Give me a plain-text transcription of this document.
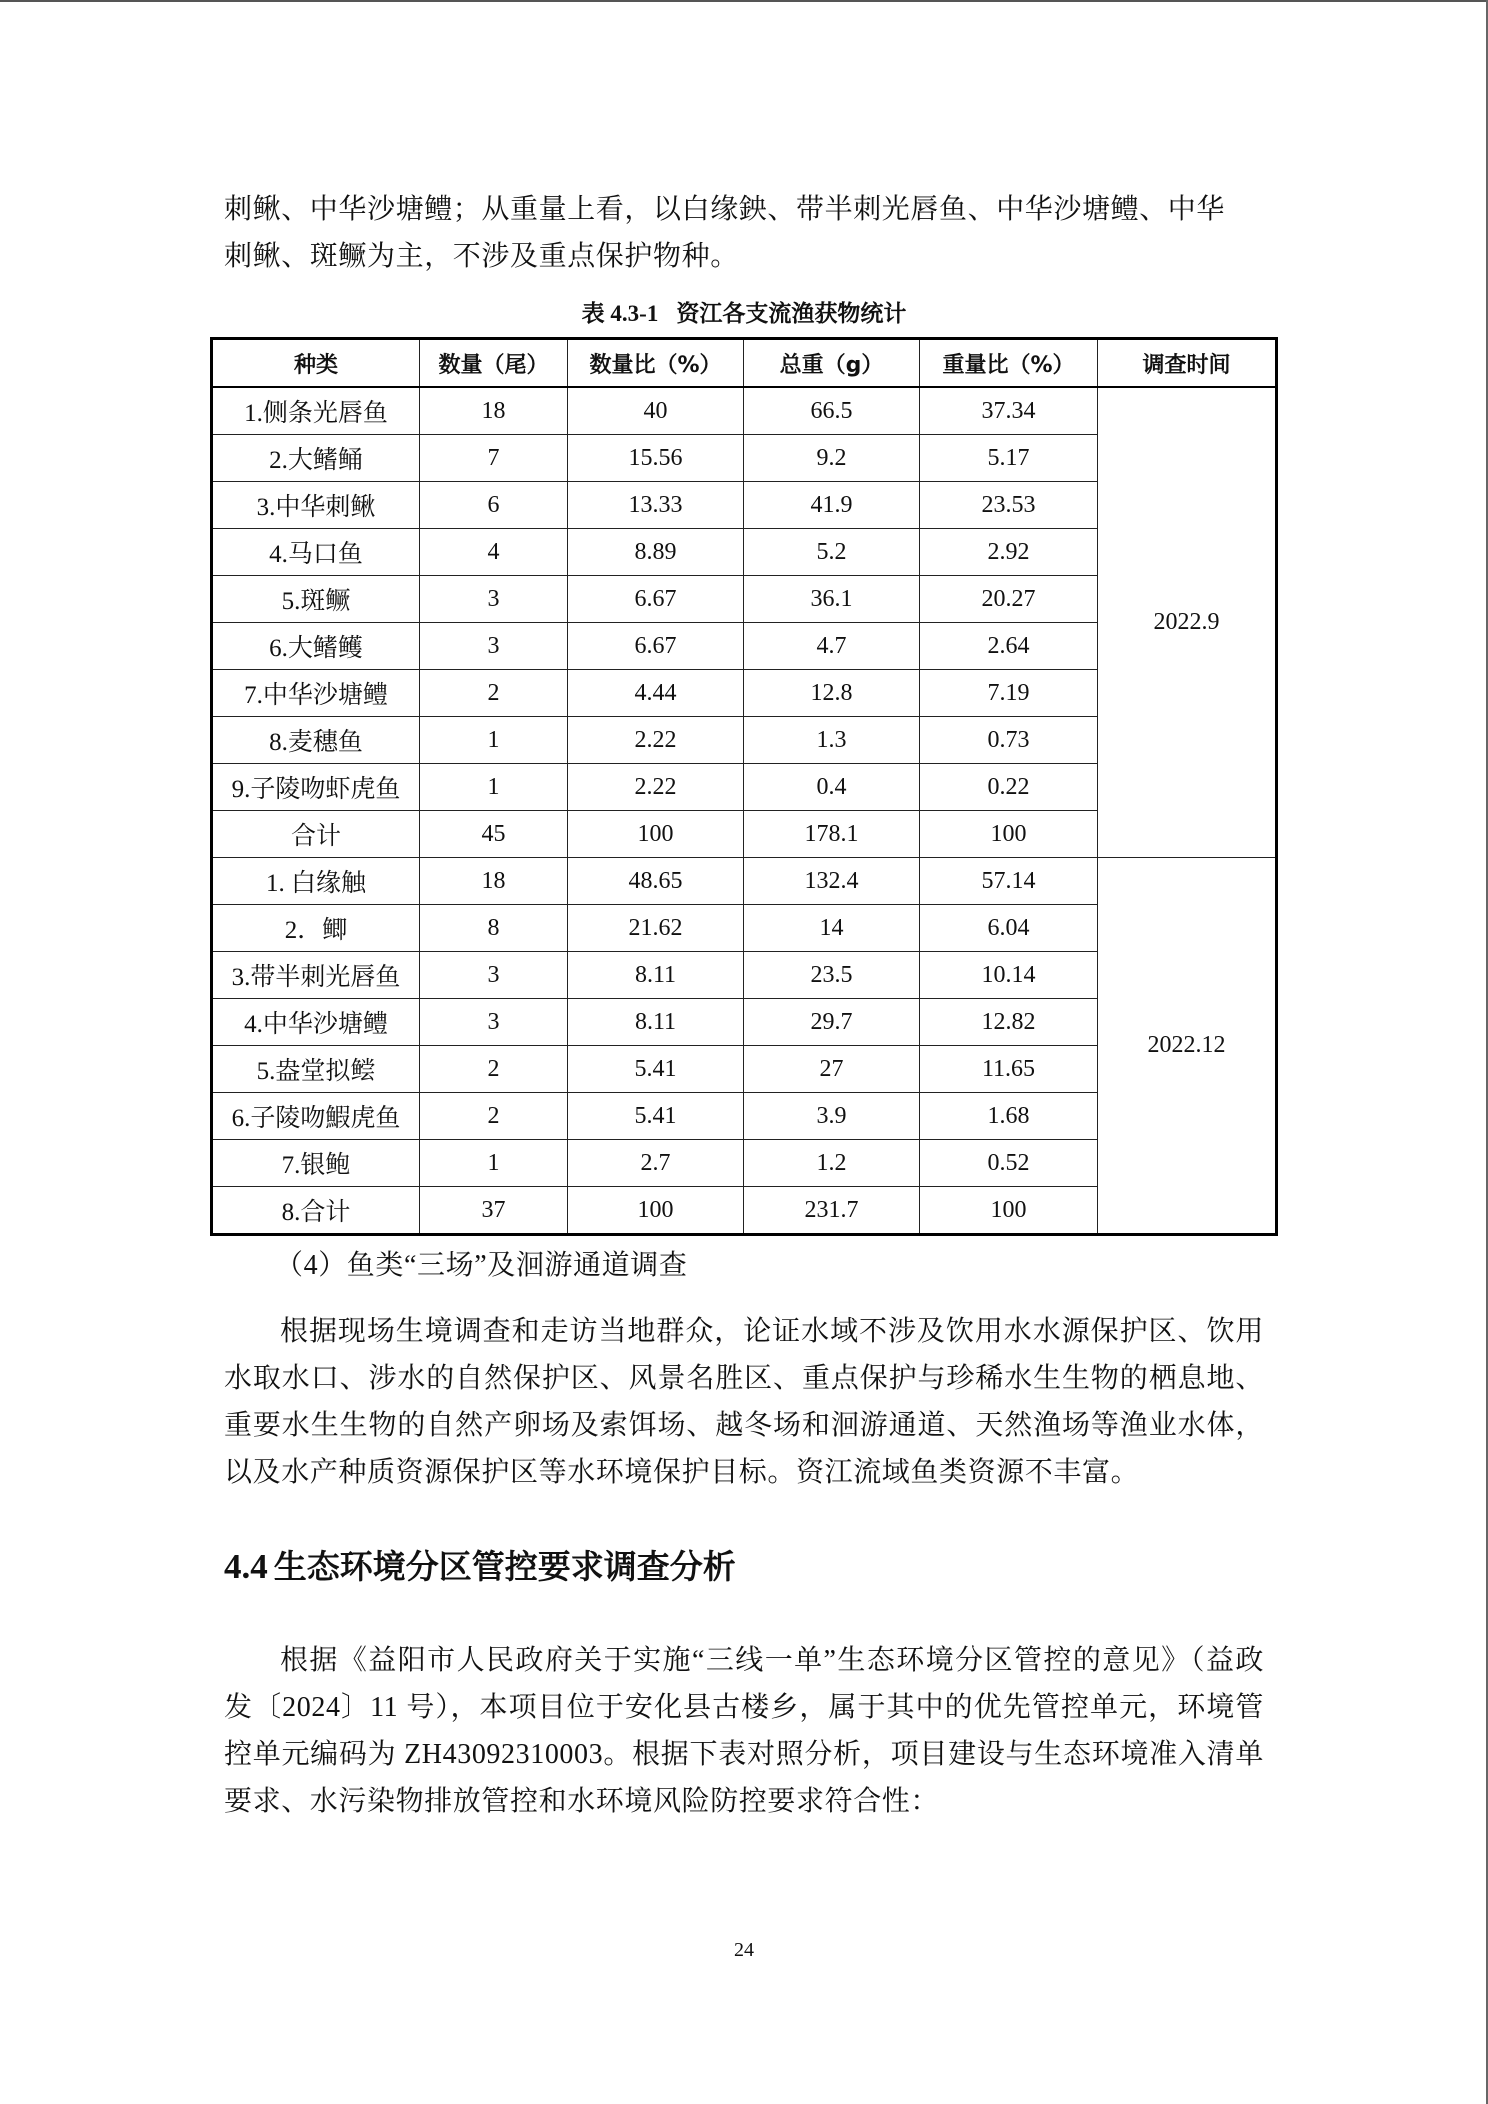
刺鳅、中华沙塘鳢；从重量上看，以白缘鉠、带半刺光唇鱼、中华沙塘鳢、中华
刺鳅、斑鳜为主，不涉及重点保护物种。
表 4.3-1 资江各支流渔获物统计
种类	数量（尾）	数量比（%）	总重（g）	重量比（%）	调查时间
1.侧条光唇鱼	18	40	66.5	37.34	2022.9
2.大鳍鲬	7	15.56	9.2	5.17	
3.中华刺鳅	6	13.33	41.9	23.53	
4.马口鱼	4	8.89	5.2	2.92	
5.斑鳜	3	6.67	36.1	20.27	
6.大鳍鳠	3	6.67	4.7	2.64	
7.中华沙塘鳢	2	4.44	12.8	7.19	
8.麦穗鱼	1	2.22	1.3	0.73	
9.子陵吻虾虎鱼	1	2.22	0.4	0.22	
合计	45	100	178.1	100	
1. 白缘触	18	48.65	132.4	57.14	2022.12
2．鲫	8	21.62	14	6.04	
3.带半刺光唇鱼	3	8.11	23.5	10.14	
4.中华沙塘鳢	3	8.11	29.7	12.82	
5.盎堂拟鲿	2	5.41	27	11.65	
6.子陵吻鰕虎鱼	2	5.41	3.9	1.68	
7.银鲍	1	2.7	1.2	0.52	
8.合计	37	100	231.7	100	
（4）鱼类“三场”及洄游通道调查

根据现场生境调查和走访当地群众，论证水域不涉及饮用水水源保护区、饮用水取水口、涉水的自然保护区、风景名胜区、重点保护与珍稀水生生物的栖息地、重要水生生物的自然产卵场及索饵场、越冬场和洄游通道、天然渔场等渔业水体，以及水产种质资源保护区等水环境保护目标。资江流域鱼类资源不丰富。

4.4 生态环境分区管控要求调查分析

根据《益阳市人民政府关于实施“三线一单”生态环境分区管控的意见》（益政发〔2024〕11 号），本项目位于安化县古楼乡，属于其中的优先管控单元，环境管控单元编码为 ZH43092310003。根据下表对照分析，项目建设与生态环境准入清单要求、水污染物排放管控和水环境风险防控要求符合性：

24
